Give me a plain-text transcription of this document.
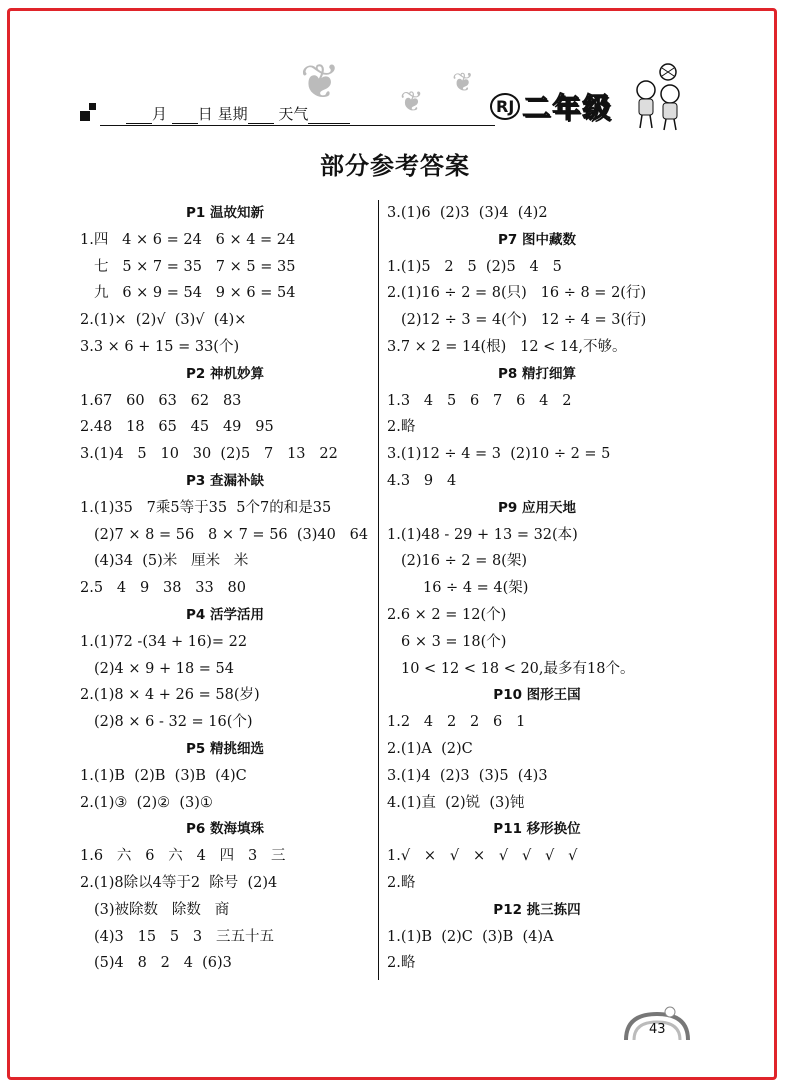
❦ ❦
❦
月 日 星期 天气	RJ 二年级
部分参考答案
P1 温故知新
1.四   4 × 6 = 24   6 × 4 = 24
七   5 × 7 = 35   7 × 5 = 35
九   6 × 9 = 54   9 × 6 = 54
2.(1)×  (2)√  (3)√  (4)×
3.3 × 6 + 15 = 33(个)
P2 神机妙算
1.67   60   63   62   83
2.48   18   65   45   49   95
3.(1)4   5   10   30  (2)5   7   13   22
P3 查漏补缺
1.(1)35   7乘5等于35  5个7的和是35
(2)7 × 8 = 56   8 × 7 = 56  (3)40   64
(4)34  (5)米   厘米   米
2.5   4   9   38   33   80
P4 活学活用
1.(1)72 -(34 + 16)= 22
(2)4 × 9 + 18 = 54
2.(1)8 × 4 + 26 = 58(岁)
(2)8 × 6 - 32 = 16(个)
P5 精挑细选
1.(1)B  (2)B  (3)B  (4)C
2.(1)③  (2)②  (3)①
P6 数海填珠
1.6   六   6   六   4   四   3   三
2.(1)8除以4等于2  除号  (2)4
(3)被除数   除数   商
(4)3   15   5   3   三五十五
(5)4   8   2   4  (6)3
3.(1)6  (2)3  (3)4  (4)2
P7 图中藏数
1.(1)5   2   5  (2)5   4   5
2.(1)16 ÷ 2 = 8(只)   16 ÷ 8 = 2(行)
(2)12 ÷ 3 = 4(个)   12 ÷ 4 = 3(行)
3.7 × 2 = 14(根)   12 < 14,不够。
P8 精打细算
1.3   4   5   6   7   6   4   2
2.略
3.(1)12 ÷ 4 = 3  (2)10 ÷ 2 = 5
4.3   9   4
P9 应用天地
1.(1)48 - 29 + 13 = 32(本)
(2)16 ÷ 2 = 8(架)
16 ÷ 4 = 4(架)
2.6 × 2 = 12(个)
6 × 3 = 18(个)
10 < 12 < 18 < 20,最多有18个。
P10 图形王国
1.2   4   2   2   6   1
2.(1)A  (2)C
3.(1)4  (2)3  (3)5  (4)3
4.(1)直  (2)锐  (3)钝
P11 移形换位
1.√   ×   √   ×   √   √   √   √
2.略
P12 挑三拣四
1.(1)B  (2)C  (3)B  (4)A
2.略
43
